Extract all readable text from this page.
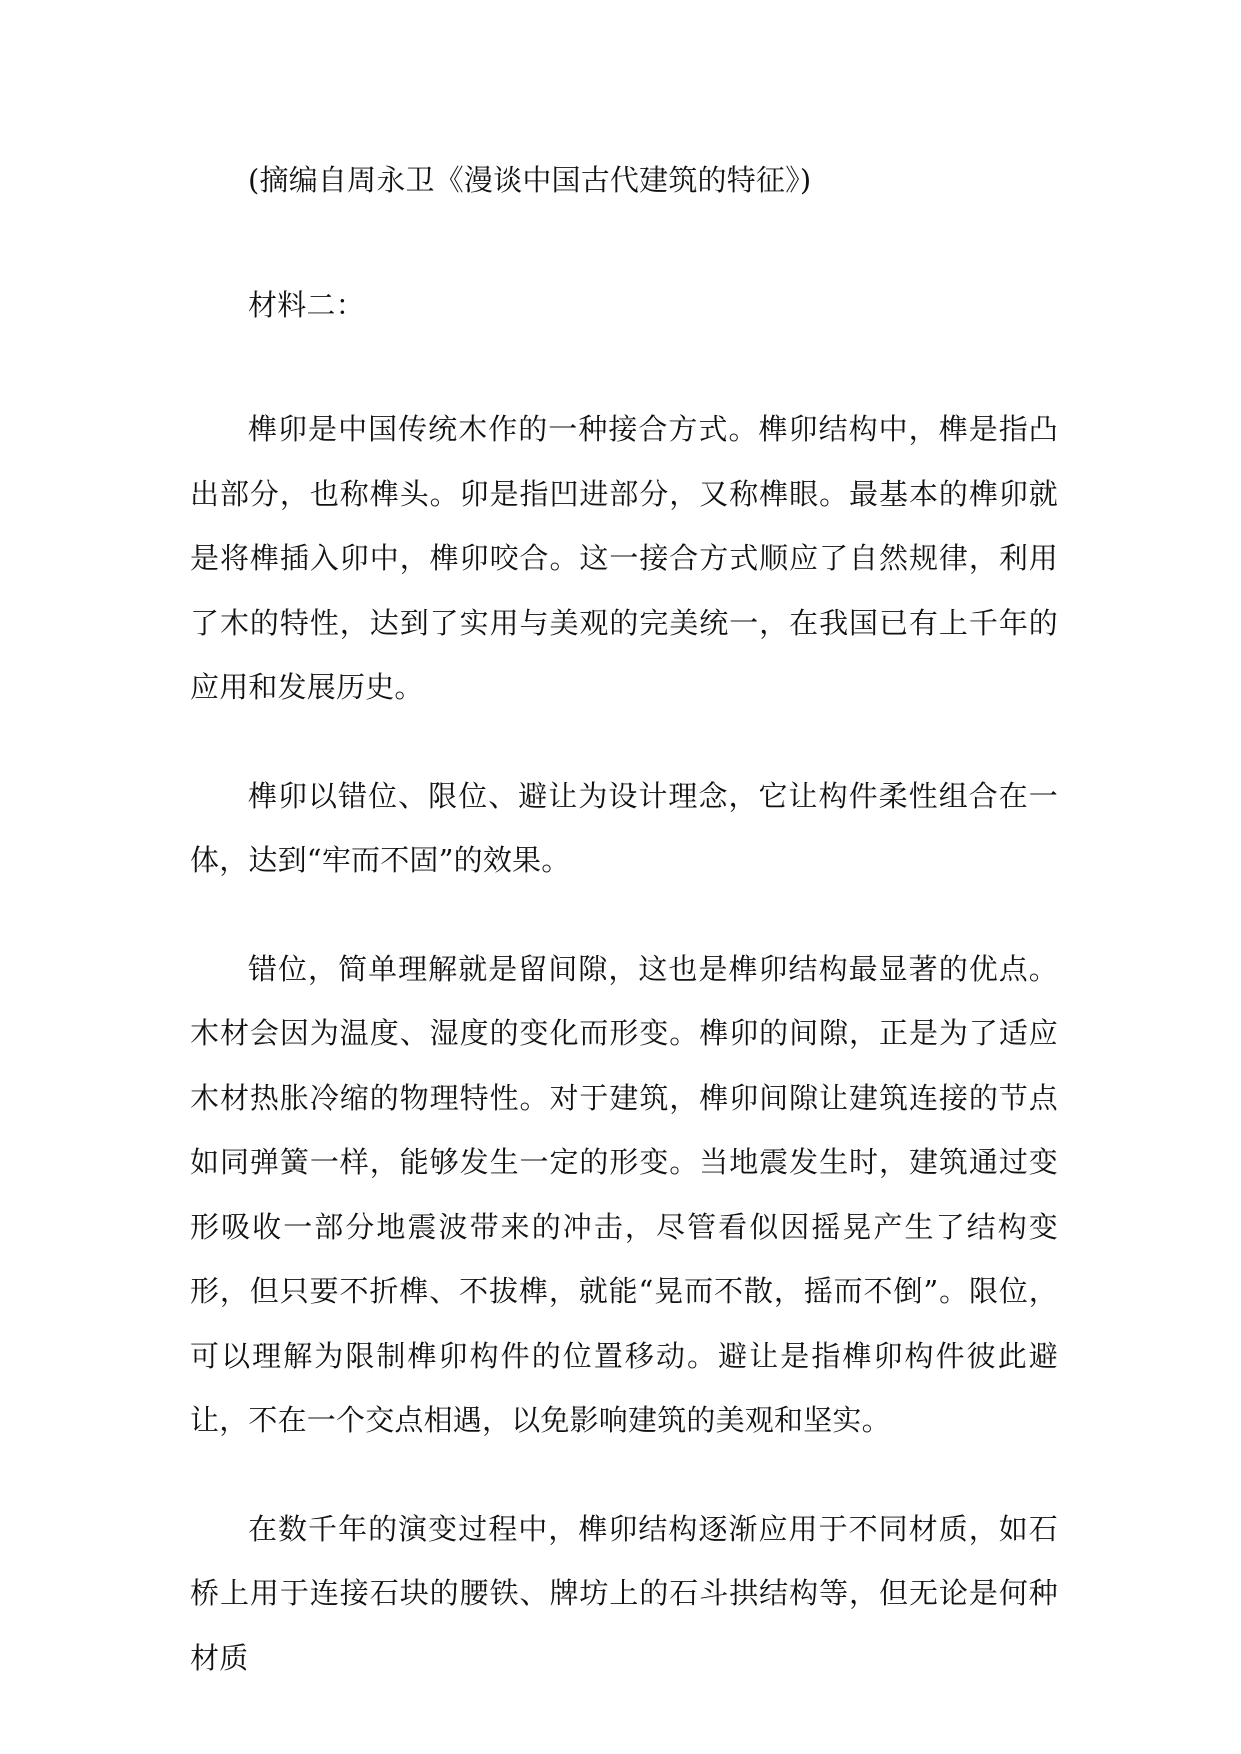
(摘编自周永卫《漫谈中国古代建筑的特征》)

材料二：

榫卯是中国传统木作的一种接合方式。榫卯结构中，榫是指凸出部分，也称榫头。卯是指凹进部分，又称榫眼。最基本的榫卯就是将榫插入卯中，榫卯咬合。这一接合方式顺应了自然规律，利用了木的特性，达到了实用与美观的完美统一，在我国已有上千年的应用和发展历史。

榫卯以错位、限位、避让为设计理念，它让构件柔性组合在一体，达到“牢而不固”的效果。

错位，简单理解就是留间隙，这也是榫卯结构最显著的优点。木材会因为温度、湿度的变化而形变。榫卯的间隙，正是为了适应木材热胀冷缩的物理特性。对于建筑，榫卯间隙让建筑连接的节点如同弹簧一样，能够发生一定的形变。当地震发生时，建筑通过变形吸收一部分地震波带来的冲击，尽管看似因摇晃产生了结构变形，但只要不折榫、不拔榫，就能“晃而不散，摇而不倒”。限位，可以理解为限制榫卯构件的位置移动。避让是指榫卯构件彼此避让，不在一个交点相遇，以免影响建筑的美观和坚实。

在数千年的演变过程中，榫卯结构逐渐应用于不同材质，如石桥上用于连接石块的腰铁、牌坊上的石斗拱结构等，但无论是何种材质
